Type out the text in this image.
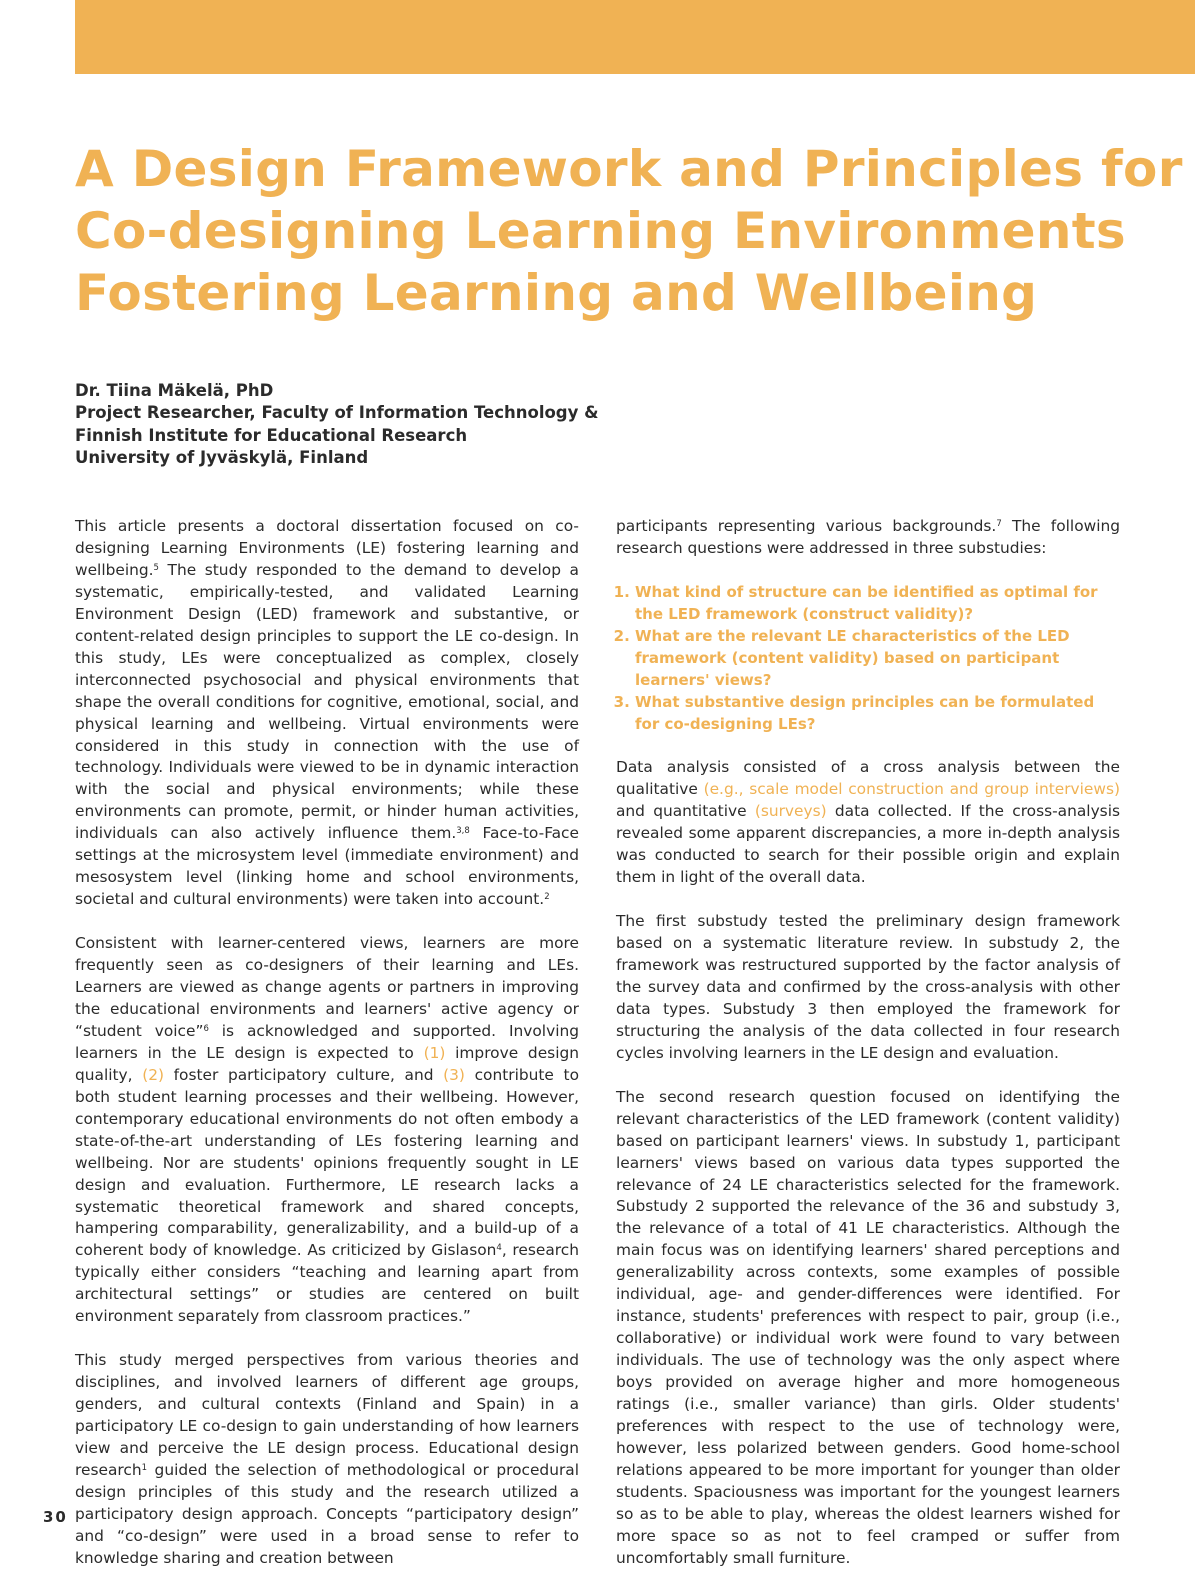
A Design Framework and Principles for
Co-designing Learning Environments
Fostering Learning and Wellbeing
Dr. Tiina Mäkelä, PhD
Project Researcher, Faculty of Information Technology &
Finnish Institute for Educational Research
University of Jyväskylä, Finland

This article presents a doctoral dissertation focused on co-designing Learning Environments (LE) fostering learning and wellbeing.$^5$ The study responded to the demand to develop a systematic, empirically-tested, and validated Learning Environment Design (LED) framework and substantive, or content-related design principles to support the LE co-design. In this study, LEs were conceptualized as complex, closely interconnected psychosocial and physical environments that shape the overall conditions for cognitive, emotional, social, and physical learning and wellbeing. Virtual environments were considered in this study in connection with the use of technology. Individuals were viewed to be in dynamic interaction with the social and physical environments; while these environments can promote, permit, or hinder human activities, individuals can also actively influence them.$^{3,8}$ Face-to-Face settings at the microsystem level (immediate environment) and mesosystem level (linking home and school environments, societal and cultural environments) were taken into account.$^2$

Consistent with learner-centered views, learners are more frequently seen as co-designers of their learning and LEs. Learners are viewed as change agents or partners in improving the educational environments and learners' active agency or “student voice”$^6$ is acknowledged and supported. Involving learners in the LE design is expected to (1) improve design quality, (2) foster participatory culture, and (3) contribute to both student learning processes and their wellbeing. However, contemporary educational environments do not often embody a state-of-the-art understanding of LEs fostering learning and wellbeing. Nor are students' opinions frequently sought in LE design and evaluation. Furthermore, LE research lacks a systematic theoretical framework and shared concepts, hampering comparability, generalizability, and a build-up of a coherent body of knowledge. As criticized by Gislason$^4$, research typically either considers “teaching and learning apart from architectural settings” or studies are centered on built environment separately from classroom practices.”

This study merged perspectives from various theories and disciplines, and involved learners of different age groups, genders, and cultural contexts (Finland and Spain) in a participatory LE co-design to gain understanding of how learners view and perceive the LE design process. Educational design research$^1$ guided the selection of methodological or procedural design principles of this study and the research utilized a participatory design approach. Concepts “participatory design” and “co-design” were used in a broad sense to refer to knowledge sharing and creation between

participants representing various backgrounds.$^7$ The following research questions were addressed in three substudies:

1. What kind of structure can be identified as optimal for the LED framework (construct validity)?
2. What are the relevant LE characteristics of the LED framework (content validity) based on participant learners' views?
3. What substantive design principles can be formulated for co-designing LEs?

Data analysis consisted of a cross analysis between the qualitative (e.g., scale model construction and group interviews) and quantitative (surveys) data collected. If the cross-analysis revealed some apparent discrepancies, a more in-depth analysis was conducted to search for their possible origin and explain them in light of the overall data.

The first substudy tested the preliminary design framework based on a systematic literature review. In substudy 2, the framework was restructured supported by the factor analysis of the survey data and confirmed by the cross-analysis with other data types. Substudy 3 then employed the framework for structuring the analysis of the data collected in four research cycles involving learners in the LE design and evaluation.

The second research question focused on identifying the relevant characteristics of the LED framework (content validity) based on participant learners' views. In substudy 1, participant learners' views based on various data types supported the relevance of 24 LE characteristics selected for the framework. Substudy 2 supported the relevance of the 36 and substudy 3, the relevance of a total of 41 LE characteristics. Although the main focus was on identifying learners' shared perceptions and generalizability across contexts, some examples of possible individual, age- and gender-differences were identified. For instance, students' preferences with respect to pair, group (i.e., collaborative) or individual work were found to vary between individuals. The use of technology was the only aspect where boys provided on average higher and more homogeneous ratings (i.e., smaller variance) than girls. Older students' preferences with respect to the use of technology were, however, less polarized between genders. Good home-school relations appeared to be more important for younger than older students. Spaciousness was important for the youngest learners so as to be able to play, whereas the oldest learners wished for more space so as not to feel cramped or suffer from uncomfortably small furniture.

30
